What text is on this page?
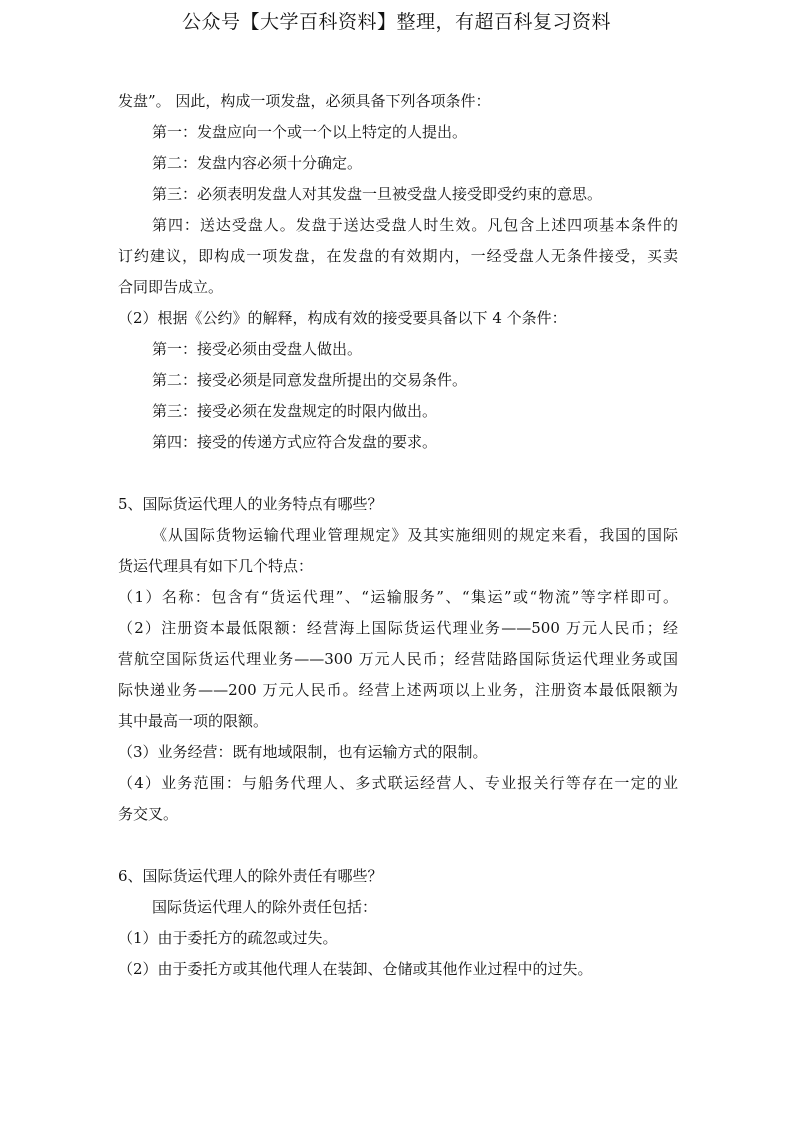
公众号【大学百科资料】整理，有超百科复习资料
发盘”。 因此，构成一项发盘，必须具备下列各项条件：
第一：发盘应向一个或一个以上特定的人提出。
第二：发盘内容必须十分确定。
第三：必须表明发盘人对其发盘一旦被受盘人接受即受约束的意思。
第四：送达受盘人。发盘于送达受盘人时生效。凡包含上述四项基本条件的
订约建议，即构成一项发盘，在发盘的有效期内，一经受盘人无条件接受，买卖
合同即告成立。
（2）根据《公约》的解释，构成有效的接受要具备以下 4 个条件：
第一：接受必须由受盘人做出。
第二：接受必须是同意发盘所提出的交易条件。
第三：接受必须在发盘规定的时限内做出。
第四：接受的传递方式应符合发盘的要求。
5、国际货运代理人的业务特点有哪些？
《从国际货物运输代理业管理规定》及其实施细则的规定来看，我国的国际
货运代理具有如下几个特点：
（1）名称：包含有“货运代理”、“运输服务”、“集运”或“物流”等字样即可。
（2）注册资本最低限额：经营海上国际货运代理业务——500 万元人民币；经
营航空国际货运代理业务——300 万元人民币；经营陆路国际货运代理业务或国
际快递业务——200 万元人民币。经营上述两项以上业务，注册资本最低限额为
其中最高一项的限额。
（3）业务经营：既有地域限制，也有运输方式的限制。
（4）业务范围：与船务代理人、多式联运经营人、专业报关行等存在一定的业
务交叉。
6、国际货运代理人的除外责任有哪些？
国际货运代理人的除外责任包括：
（1）由于委托方的疏忽或过失。
（2）由于委托方或其他代理人在装卸、仓储或其他作业过程中的过失。
